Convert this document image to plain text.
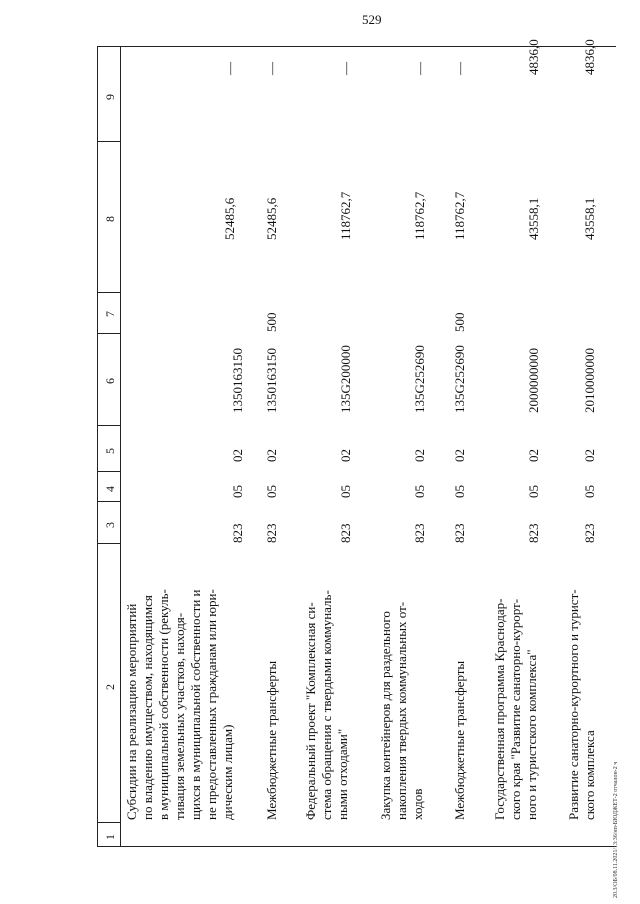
529
1
2
3
4
5
6
7
8
9
Субсидии на реализацию мероприятий по владению имуществом, находящимся в муниципальной собственности (рекуль- тивация земельных участков, находя- щихся в муниципальной собственности и не предоставленных гражданам или юри- дическим лицам)
823
05
02
1350163150
52485,6
—
Межбюджетные трансферты
823
05
02
1350163150
500
52485,6
—
Федеральный проект "Комплексная си- стема обращения с твердыми коммуналь- ными отходами"
823
05
02
135G200000
118762,7
—
Закупка контейнеров для раздельного накопления твердых коммунальных от- ходов
823
05
02
135G252690
118762,7
—
Межбюджетные трансферты
823
05
02
135G252690
500
118762,7
—
Государственная программа Краснодар- ского края "Развитие санаторно-курорт- ного и туристского комплекса"
823
05
02
2000000000
43558,1
4836,0
Развитие санаторно-курортного и турист- ского комплекса
823
05
02
2010000000
43558,1
4836,0
20.3/ОБ/08.11.2021/13:36/нп-БЮДЖЕТ-2 отчалон-2 ч
